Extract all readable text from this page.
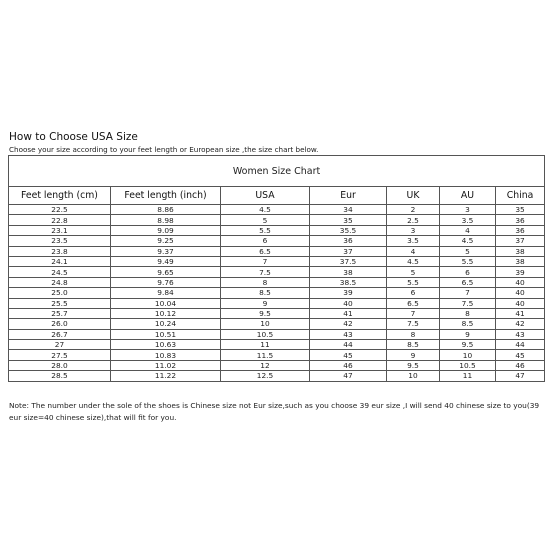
How to Choose USA Size
Choose your size according to your feet length or European size ,the size chart below.
Women Size Chart						
Feet length (cm)	Feet length (inch)	USA	Eur	UK	AU	China
22.5	8.86	4.5	34	2	3	35
22.8	8.98	5	35	2.5	3.5	36
23.1	9.09	5.5	35.5	3	4	36
23.5	9.25	6	36	3.5	4.5	37
23.8	9.37	6.5	37	4	5	38
24.1	9.49	7	37.5	4.5	5.5	38
24.5	9.65	7.5	38	5	6	39
24.8	9.76	8	38.5	5.5	6.5	40
25.0	9.84	8.5	39	6	7	40
25.5	10.04	9	40	6.5	7.5	40
25.7	10.12	9.5	41	7	8	41
26.0	10.24	10	42	7.5	8.5	42
26.7	10.51	10.5	43	8	9	43
27	10.63	11	44	8.5	9.5	44
27.5	10.83	11.5	45	9	10	45
28.0	11.02	12	46	9.5	10.5	46
28.5	11.22	12.5	47	10	11	47
Note: The number under the sole of the shoes is Chinese size not Eur size,such as you choose 39 eur size ,I will send 40 chinese size to you(39 eur size=40 chinese size),that will fit for you.
